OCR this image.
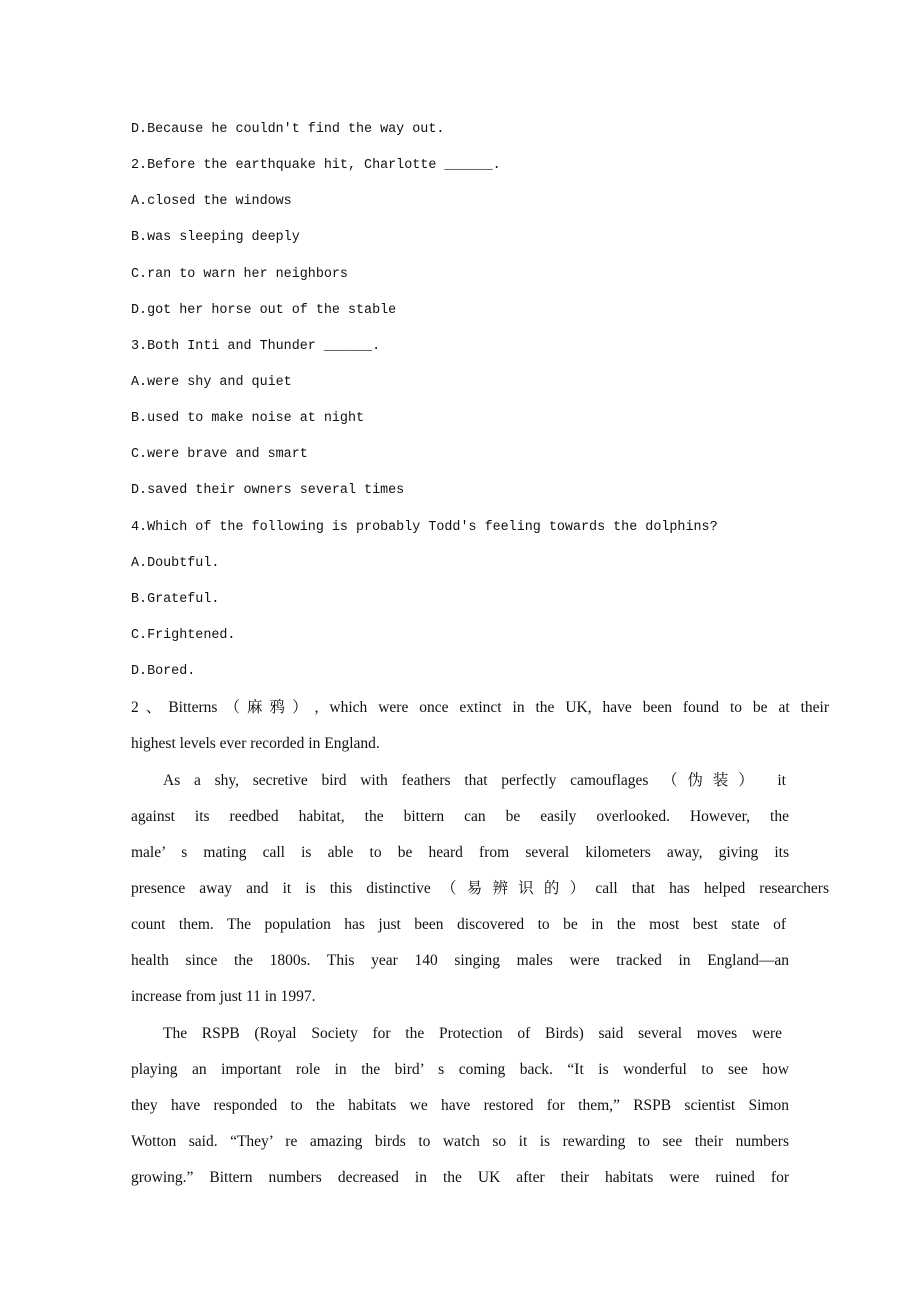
D.Because he couldn't find the way out.
2.Before the earthquake hit, Charlotte ______.
A.closed the windows
B.was sleeping deeply
C.ran to warn her neighbors
D.got her horse out of the stable
3.Both Inti and Thunder ______.
A.were shy and quiet
B.used to make noise at night
C.were brave and smart
D.saved their owners several times
4.Which of the following is probably Todd's feeling towards the dolphins?
A.Doubtful.
B.Grateful.
C.Frightened.
D.Bored.
2、Bitterns（麻鸦）, which were once extinct in the UK, have been found to be at their
highest levels ever recorded in England.
As a shy, secretive bird with feathers that perfectly camouflages （伪装） it
against its reedbed habitat, the bittern can be easily overlooked. However, the
male’ s mating call is able to be heard from several kilometers away, giving its
presence away and it is this distinctive（易辨识的）call that has helped researchers
count them. The population has just been discovered to be in the most best state of
health since the 1800s. This year 140 singing males were tracked in England—an
increase from just 11 in 1997.
The RSPB (Royal Society for the Protection of Birds) said several moves were
playing an important role in the bird’ s coming back. “It is wonderful to see how
they have responded to the habitats we have restored for them,” RSPB scientist Simon
Wotton said. “They’ re amazing birds to watch so it is rewarding to see their numbers
growing.” Bittern numbers decreased in the UK after their habitats were ruined for
